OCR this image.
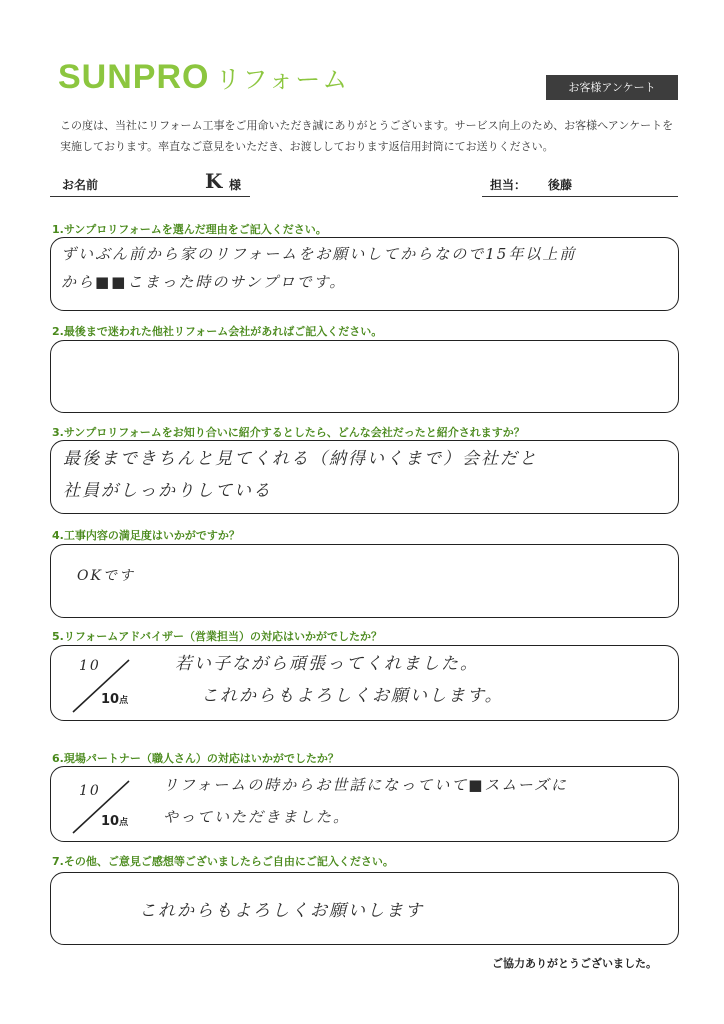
SUNPRO リフォーム	お客様アンケート
この度は、当社にリフォーム工事をご用命いただき誠にありがとうございます。サービス向上のため、お客様へアンケートを実施しております。率直なご意見をいただき、お渡ししております返信用封筒にてお送りください。
お名前	K 様	担当： 後藤
1.サンプロリフォームを選んだ理由をご記入ください。
ずいぶん前から家のリフォームをお願いしてからなので15年以上前
から■■こまった時のサンプロです。
2.最後まで迷われた他社リフォーム会社があればご記入ください。
3.サンプロリフォームをお知り合いに紹介するとしたら、どんな会社だったと紹介されますか？
最後まできちんと見てくれる（納得いくまで）会社だと
社員がしっかりしている
4.工事内容の満足度はいかがですか？
OKです
5.リフォームアドバイザー（営業担当）の対応はいかがでしたか？
10
10点
若い子ながら頑張ってくれました。
これからもよろしくお願いします。
6.現場パートナー（職人さん）の対応はいかがでしたか？
10
10点
リフォームの時からお世話になっていて■スムーズに
やっていただきました。
7.その他、ご意見ご感想等ございましたらご自由にご記入ください。
これからもよろしくお願いします
ご協力ありがとうございました。
